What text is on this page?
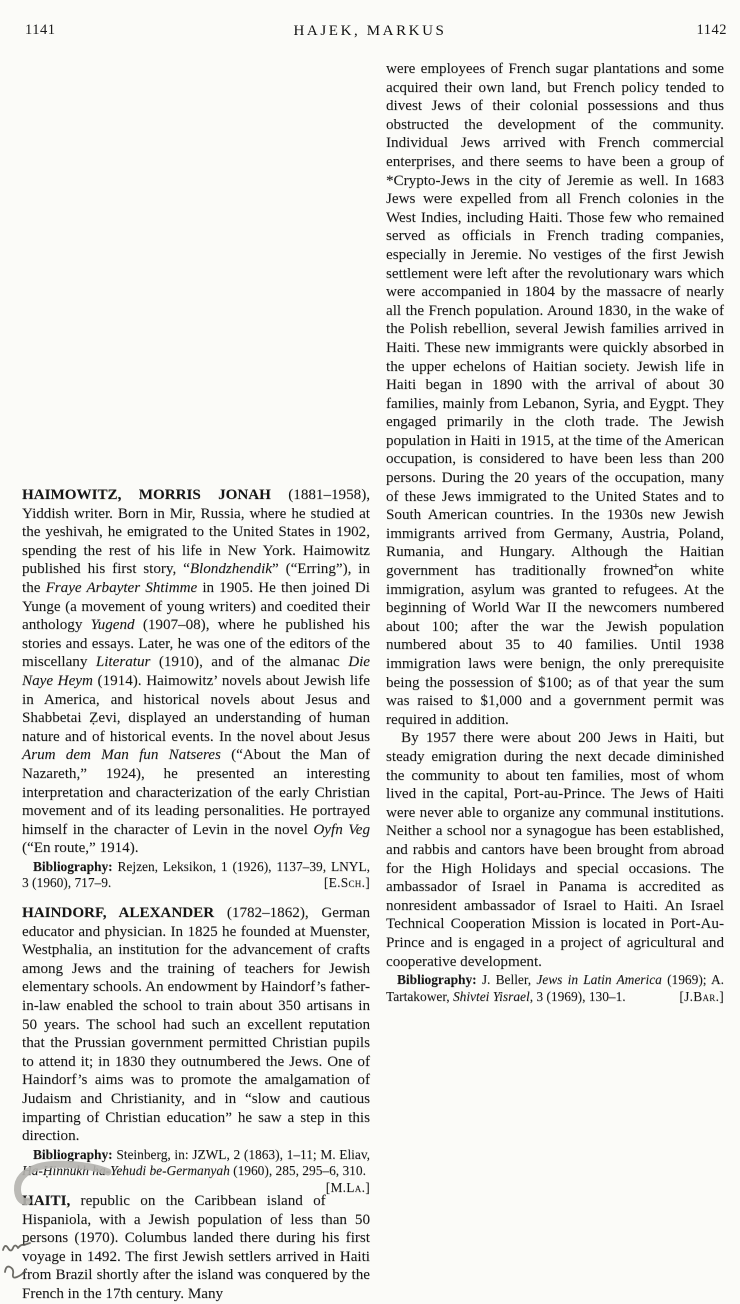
1141	HAJEK, MARKUS	1142

HAIMOWITZ, MORRIS JONAH (1881–1958), Yiddish writer. Born in Mir, Russia, where he studied at the yeshivah, he emigrated to the United States in 1902, spending the rest of his life in New York. Haimowitz published his first story, “Blondzhendik” (“Erring”), in the Fraye Arbayter Shtimme in 1905. He then joined Di Yunge (a movement of young writers) and coedited their anthology Yugend (1907–08), where he published his stories and essays. Later, he was one of the editors of the miscellany Literatur (1910), and of the almanac Die Naye Heym (1914). Haimowitz’ novels about Jewish life in America, and historical novels about Jesus and Shabbetai Ẓevi, displayed an understanding of human nature and of historical events. In the novel about Jesus Arum dem Man fun Natseres (“About the Man of Nazareth,” 1924), he presented an interesting interpretation and characterization of the early Christian movement and of its leading personalities. He portrayed himself in the character of Levin in the novel Oyfn Veg (“En route,” 1914).

Bibliography: Rejzen, Leksikon, 1 (1926), 1137–39, LNYL, 3 (1960), 717–9.	[E.Sch.]

HAINDORF, ALEXANDER (1782–1862), German educator and physician. In 1825 he founded at Muenster, Westphalia, an institution for the advancement of crafts among Jews and the training of teachers for Jewish elementary schools. An endowment by Haindorf’s father-in-law enabled the school to train about 350 artisans in 50 years. The school had such an excellent reputation that the Prussian government permitted Christian pupils to attend it; in 1830 they outnumbered the Jews. One of Haindorf’s aims was to promote the amalgamation of Judaism and Christianity, and in “slow and cautious imparting of Christian education” he saw a step in this direction.

Bibliography: Steinberg, in: JZWL, 2 (1863), 1–11; M. Eliav, Ha-Ḥinnukh ha-Yehudi be-Germanyah (1960), 285, 295–6, 310.
[M.La.]

HAITI, republic on the Caribbean island of Hispaniola, with a Jewish population of less than 50 persons (1970). Columbus landed there during his first voyage in 1492. The first Jewish settlers arrived in Haiti from Brazil shortly after the island was conquered by the French in the 17th century. Many

were employees of French sugar plantations and some acquired their own land, but French policy tended to divest Jews of their colonial possessions and thus obstructed the development of the community. Individual Jews arrived with French commercial enterprises, and there seems to have been a group of *Crypto-Jews in the city of Jeremie as well. In 1683 Jews were expelled from all French colonies in the West Indies, including Haiti. Those few who remained served as officials in French trading companies, especially in Jeremie. No vestiges of the first Jewish settlement were left after the revolutionary wars which were accompanied in 1804 by the massacre of nearly all the French population. Around 1830, in the wake of the Polish rebellion, several Jewish families arrived in Haiti. These new immigrants were quickly absorbed in the upper echelons of Haitian society. Jewish life in Haiti began in 1890 with the arrival of about 30 families, mainly from Lebanon, Syria, and Eygpt. They engaged primarily in the cloth trade. The Jewish population in Haiti in 1915, at the time of the American occupation, is considered to have been less than 200 persons. During the 20 years of the occupation, many of these Jews immigrated to the United States and to South American countries. In the 1930s new Jewish immigrants arrived from Germany, Austria, Poland, Rumania, and Hungary. Although the Haitian government has traditionally frowned+on white immigration, asylum was granted to refugees. At the beginning of World War II the newcomers numbered about 100; after the war the Jewish population numbered about 35 to 40 families. Until 1938 immigration laws were benign, the only prerequisite being the possession of $100; as of that year the sum was raised to $1,000 and a government permit was required in addition.

By 1957 there were about 200 Jews in Haiti, but steady emigration during the next decade diminished the community to about ten families, most of whom lived in the capital, Port-au-Prince. The Jews of Haiti were never able to organize any communal institutions. Neither a school nor a synagogue has been established, and rabbis and cantors have been brought from abroad for the High Holidays and special occasions. The ambassador of Israel in Panama is accredited as nonresident ambassador of Israel to Haiti. An Israel Technical Cooperation Mission is located in Port-Au-Prince and is engaged in a project of agricultural and cooperative development.

Bibliography: J. Beller, Jews in Latin America (1969); A. Tartakower, Shivtei Yisrael, 3 (1969), 130–1.	[J.Bar.]
